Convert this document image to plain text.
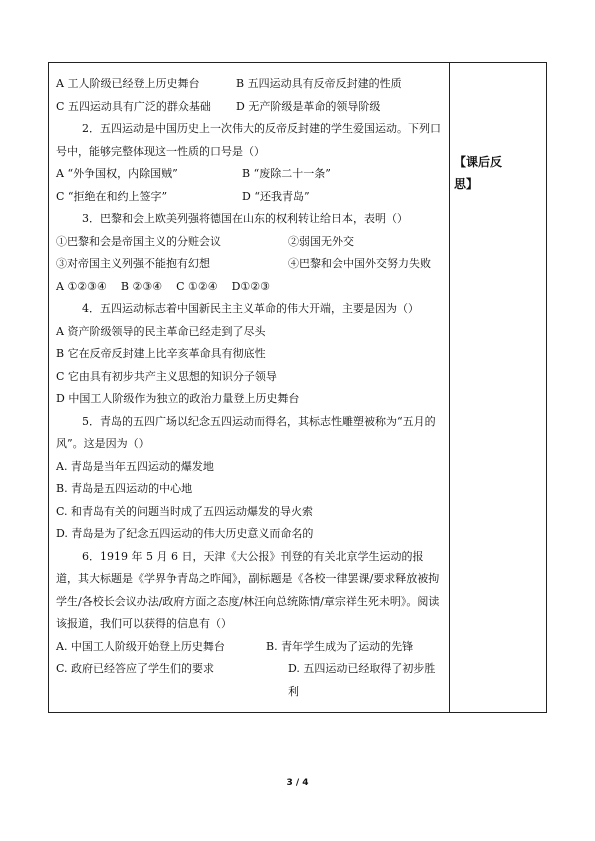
A 工人阶级已经登上历史舞台	B 五四运动具有反帝反封建的性质
C 五四运动具有广泛的群众基础	D 无产阶级是革命的领导阶级
2．五四运动是中国历史上一次伟大的反帝反封建的学生爱国运动。下列口号中，能够完整体现这一性质的口号是（）
A “外争国权，内除国贼”	B “废除二十一条”
C “拒绝在和约上签字”	D “还我青岛”
3．巴黎和会上欧美列强将德国在山东的权利转让给日本，表明（）
①巴黎和会是帝国主义的分赃会议	②弱国无外交
③对帝国主义列强不能抱有幻想	④巴黎和会中国外交努力失败
A ①②③④ B ②③④ C ①②④ D①②③
4．五四运动标志着中国新民主主义革命的伟大开端，主要是因为（）
A 资产阶级领导的民主革命已经走到了尽头
B 它在反帝反封建上比辛亥革命具有彻底性
C 它由具有初步共产主义思想的知识分子领导
D 中国工人阶级作为独立的政治力量登上历史舞台
5．青岛的五四广场以纪念五四运动而得名，其标志性雕塑被称为“五月的风”。这是因为（）
A. 青岛是当年五四运动的爆发地
B. 青岛是五四运动的中心地
C. 和青岛有关的问题当时成了五四运动爆发的导火索
D. 青岛是为了纪念五四运动的伟大历史意义而命名的
6．1919 年 5 月 6 日，天津《大公报》刊登的有关北京学生运动的报道，其大标题是《学界争青岛之昨闻》，副标题是《各校一律罢课/要求释放被拘学生/各校长会议办法/政府方面之态度/林汪向总统陈情/章宗祥生死未明》。阅读该报道，我们可以获得的信息有（）
A. 中国工人阶级开始登上历史舞台	B. 青年学生成为了运动的先锋
C. 政府已经答应了学生们的要求	D. 五四运动已经取得了初步胜利
【课后反
思】
3 / 4
